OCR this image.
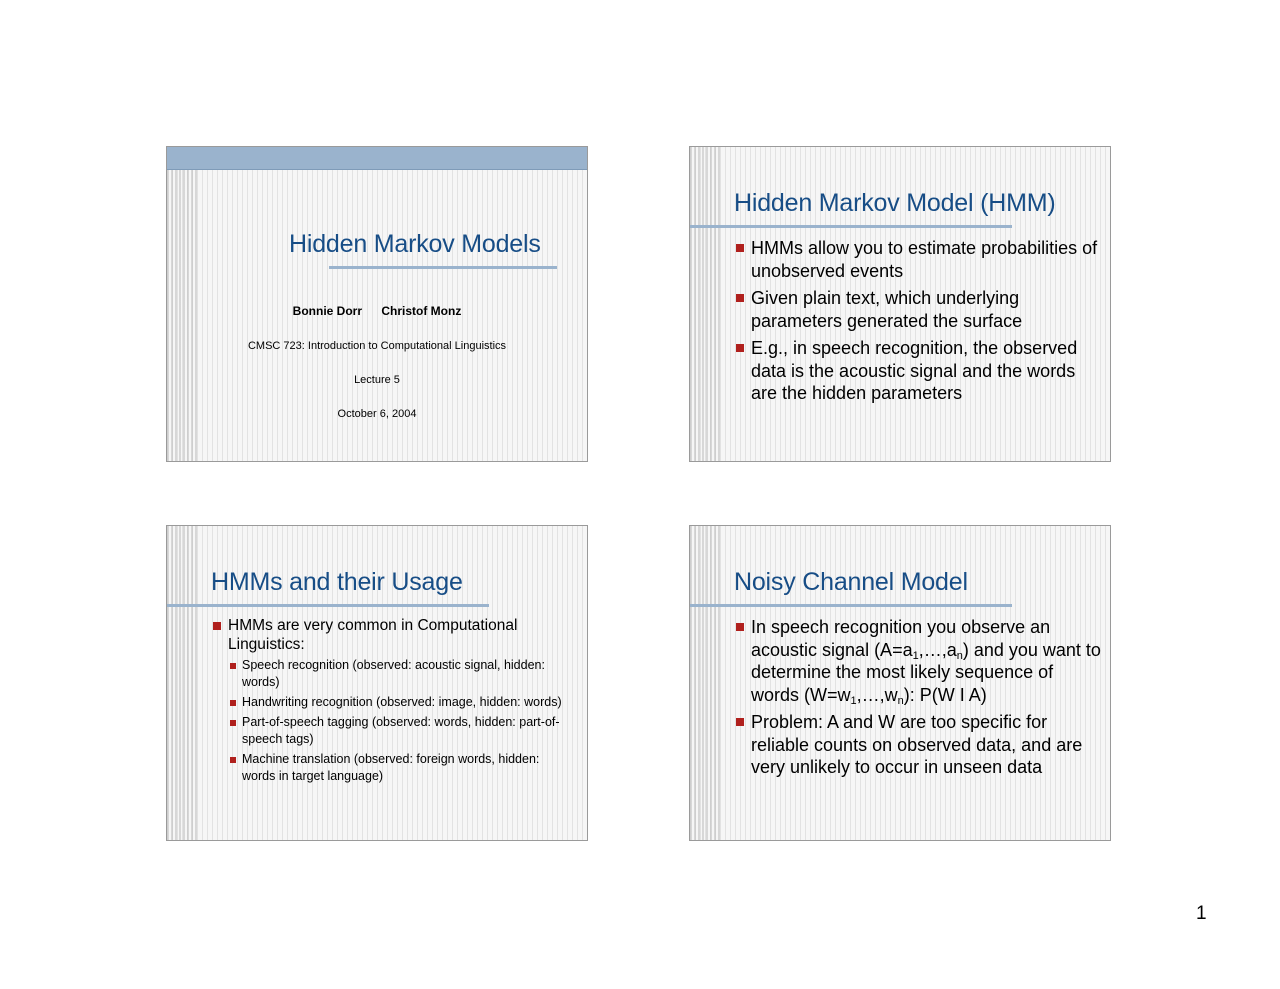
Hidden Markov Models
Bonnie Dorr Christof Monz
CMSC 723: Introduction to Computational Linguistics
Lecture 5
October 6, 2004
Hidden Markov Model (HMM)
HMMs allow you to estimate probabilities of unobserved events
Given plain text, which underlying parameters generated the surface
E.g., in speech recognition, the observed data is the acoustic signal and the words are the hidden parameters
HMMs and their Usage
HMMs are very common in Computational Linguistics:
Speech recognition (observed: acoustic signal, hidden: words)
Handwriting recognition (observed: image, hidden: words)
Part-of-speech tagging (observed: words, hidden: part-of-speech tags)
Machine translation (observed: foreign words, hidden: words in target language)
Noisy Channel Model
In speech recognition you observe an acoustic signal $(A=a_1,\dots,a_n)$ and you want to determine the most likely sequence of words $(W=w_1,\dots,w_n)$: P(W I A)
Problem: A and W are too specific for reliable counts on observed data, and are very unlikely to occur in unseen data
1
